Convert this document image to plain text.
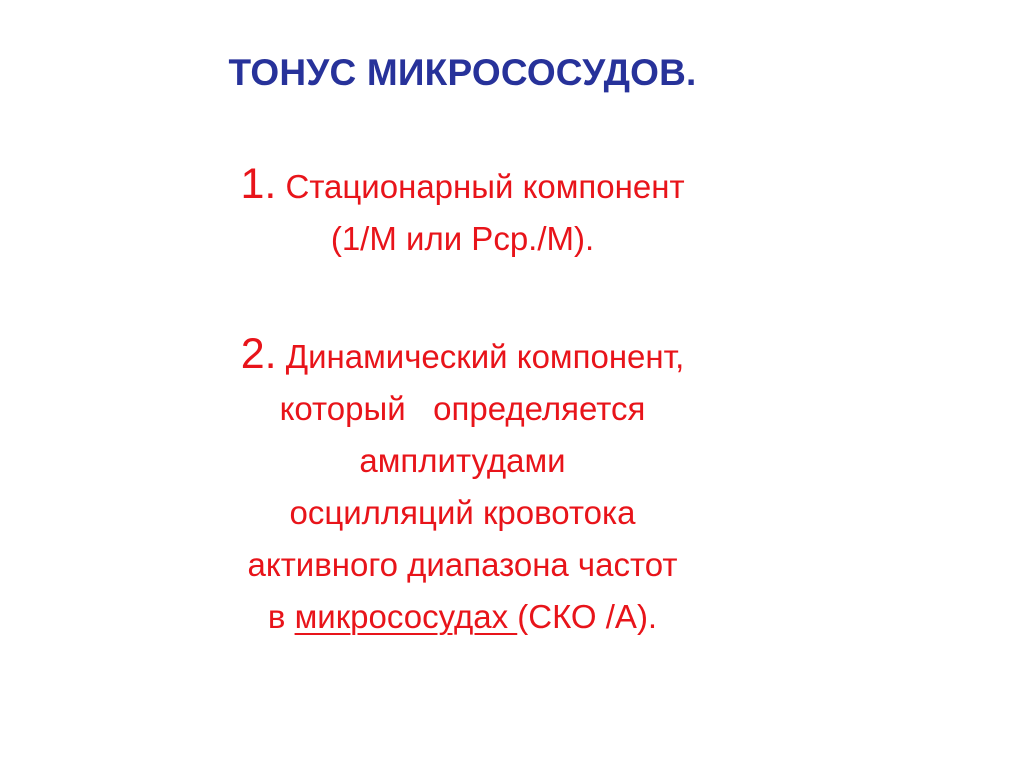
ТОНУС МИКРОСОСУДОВ.
1. Стационарный компонент
(1/М или Рср./М).
2. Динамический компонент,
который   определяется
амплитудами
осцилляций кровотока
активного диапазона частот
в микрососудах (СКО /А).
